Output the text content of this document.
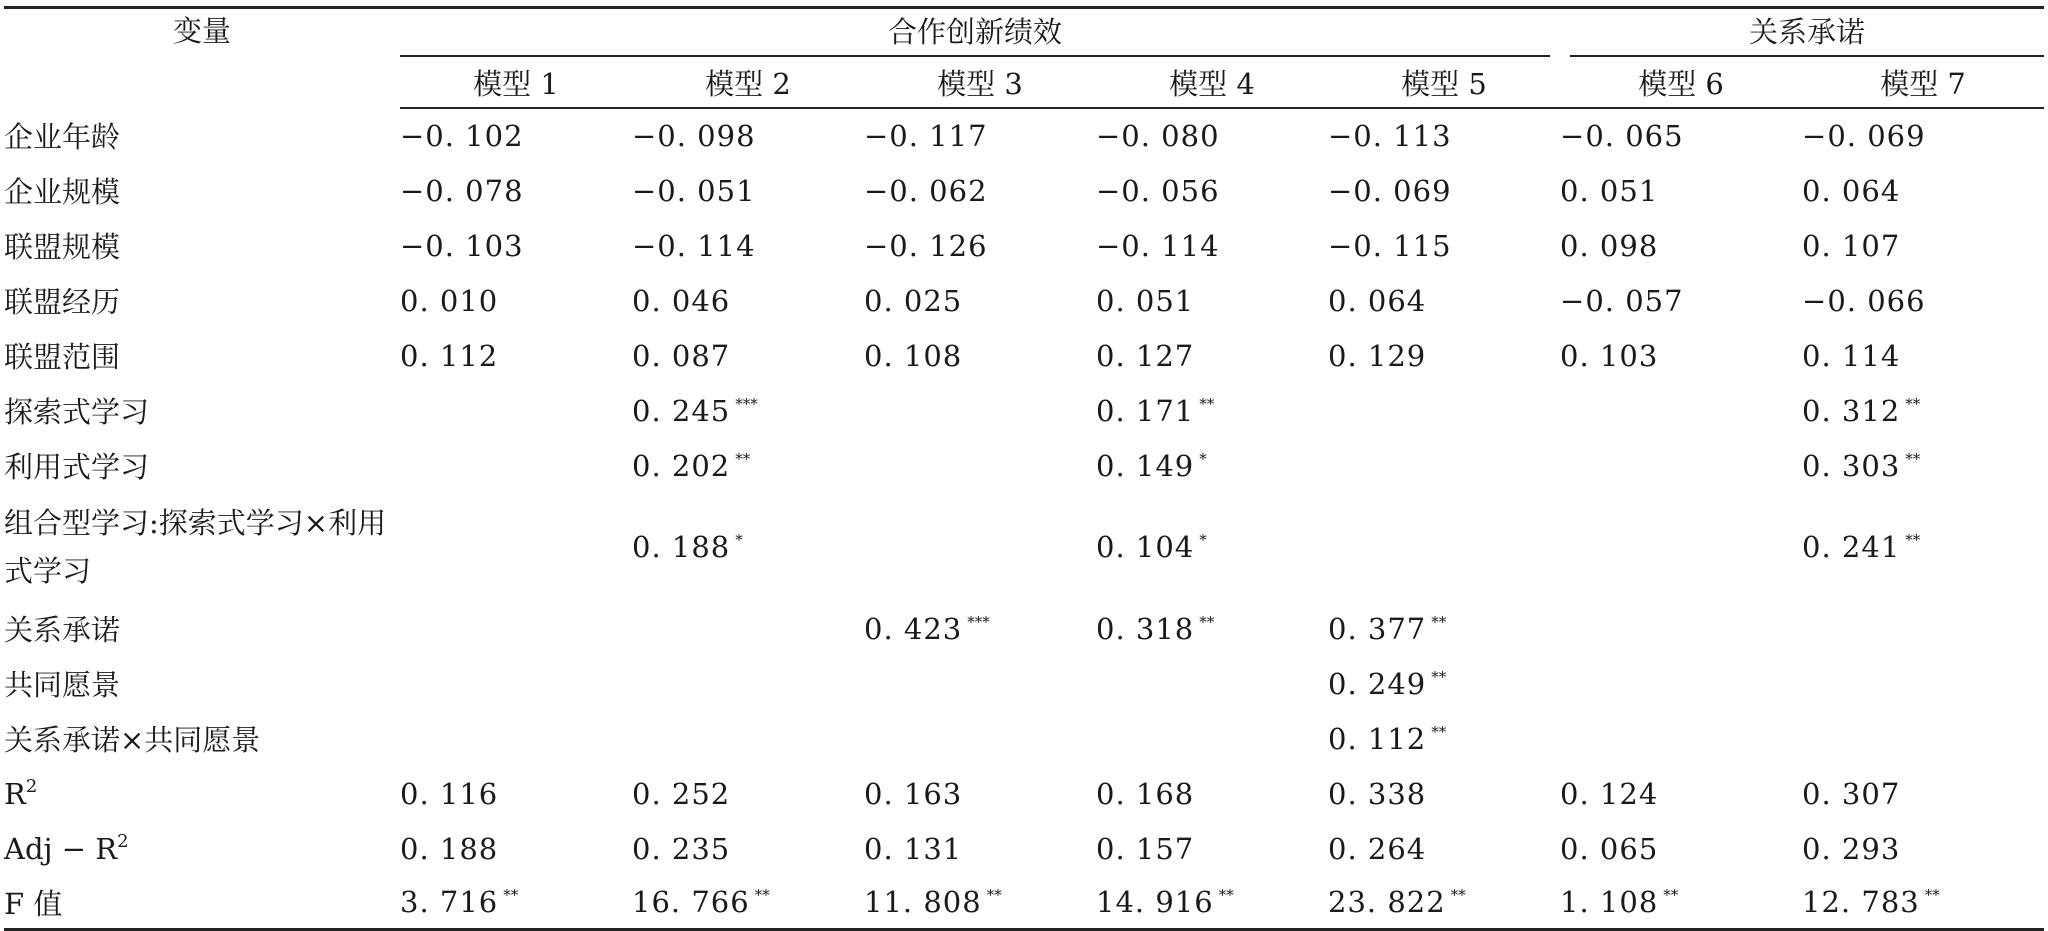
变量	合作创新绩效					关系承诺	

	模型 1	模型 2	模型 3	模型 4	模型 5	模型 6	模型 7
企业年龄	−0. 102	−0. 098	−0. 117	−0. 080	−0. 113	−0. 065	−0. 069
企业规模	−0. 078	−0. 051	−0. 062	−0. 056	−0. 069	0. 051	0. 064
联盟规模	−0. 103	−0. 114	−0. 126	−0. 114	−0. 115	0. 098	0. 107
联盟经历	0. 010	0. 046	0. 025	0. 051	0. 064	−0. 057	−0. 066
联盟范围	0. 112	0. 087	0. 108	0. 127	0. 129	0. 103	0. 114
探索式学习		0. 245 ***		0. 171 **			0. 312 **
利用式学习		0. 202 **		0. 149 *			0. 303 **
组合型学习:探索式学习×利用式学习		0. 188 *		0. 104 *			0. 241 **
关系承诺			0. 423 ***	0. 318 **	0. 377 **		
共同愿景					0. 249 **		
关系承诺×共同愿景					0. 112 **		
$R^2$	0. 116	0. 252	0. 163	0. 168	0. 338	0. 124	0. 307
Adj − $R^2$	0. 188	0. 235	0. 131	0. 157	0. 264	0. 065	0. 293
F 值	3. 716 **	16. 766 **	11. 808 **	14. 916 **	23. 822 **	1. 108 **	12. 783 **
